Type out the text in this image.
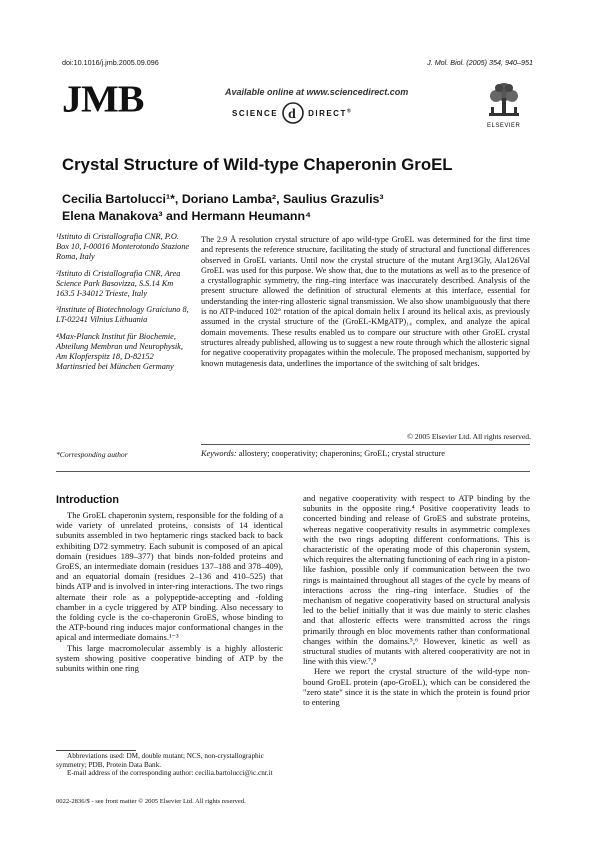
doi:10.1016/j.jmb.2005.09.096	J. Mol. Biol. (2005) 354, 940–951
JMB	Available online at www.sciencedirect.com
SCIENCE d DIRECT®
ELSEVIER
Crystal Structure of Wild-type Chaperonin GroEL
Cecilia Bartolucci¹*, Doriano Lamba², Saulius Grazulis³
Elena Manakova³ and Hermann Heumann⁴

¹Istituto di Cristallografia CNR, P.O. Box 10, I-00016 Monterotondo Stazione Roma, Italy

²Istituto di Cristallografia CNR, Area Science Park Basovizza, S.S.14 Km 163.5 I-34012 Trieste, Italy

³Institute of Biotechnology Graiciuno 8, LT-02241 Vilnius Lithuania

⁴Max-Planck Institut für Biochemie, Abteilung Membran und Neurophysik, Am Klopferspitz 18, D-82152 Martinsried bei München Germany

The 2.9 Å resolution crystal structure of apo wild-type GroEL was determined for the first time and represents the reference structure, facilitating the study of structural and functional differences observed in GroEL variants. Until now the crystal structure of the mutant Arg13Gly, Ala126Val GroEL was used for this purpose. We show that, due to the mutations as well as to the presence of a crystallographic symmetry, the ring–ring interface was inaccurately described. Analysis of the present structure allowed the definition of structural elements at this interface, essential for understanding the inter-ring allosteric signal transmission. We also show unambiguously that there is no ATP-induced 102° rotation of the apical domain helix I around its helical axis, as previously assumed in the crystal structure of the (GroEL-KMgATP)₁₄ complex, and analyze the apical domain movements. These results enabled us to compare our structure with other GroEL crystal structures already published, allowing us to suggest a new route through which the allosteric signal for negative cooperativity propagates within the molecule. The proposed mechanism, supported by known mutagenesis data, underlines the importance of the switching of salt bridges.

© 2005 Elsevier Ltd. All rights reserved.
*Corresponding author	Keywords: allostery; cooperativity; chaperonins; GroEL; crystal structure
Introduction

The GroEL chaperonin system, responsible for the folding of a wide variety of unrelated proteins, consists of 14 identical subunits assembled in two heptameric rings stacked back to back exhibiting D72 symmetry. Each subunit is composed of an apical domain (residues 189–377) that binds non-folded proteins and GroES, an intermediate domain (residues 137–188 and 378–409), and an equatorial domain (residues 2–136 and 410–525) that binds ATP and is involved in inter-ring interactions. The two rings alternate their role as a polypeptide-accepting and -folding chamber in a cycle triggered by ATP binding. Also necessary to the folding cycle is the co-chaperonin GroES, whose binding to the ATP-bound ring induces major conformational changes in the apical and intermediate domains.¹⁻³

This large macromolecular assembly is a highly allosteric system showing positive cooperative binding of ATP by the subunits within one ring

and negative cooperativity with respect to ATP binding by the subunits in the opposite ring.⁴ Positive cooperativity leads to concerted binding and release of GroES and substrate proteins, whereas negative cooperativity results in asymmetric complexes with the two rings adopting different conformations. This is characteristic of the operating mode of this chaperonin system, which requires the alternating functioning of each ring in a piston-like fashion, possible only if communication between the two rings is maintained throughout all stages of the cycle by means of interactions across the ring–ring interface. Studies of the mechanism of negative cooperativity based on structural analysis led to the belief initially that it was due mainly to steric clashes and that allosteric effects were transmitted across the rings primarily through en bloc movements rather than conformational changes within the domains.⁵,⁶ However, kinetic as well as structural studies of mutants with altered cooperativity are not in line with this view.⁷,⁸

Here we report the crystal structure of the wild-type non-bound GroEL protein (apo-GroEL), which can be considered the "zero state" since it is the state in which the protein is found prior to entering

Abbreviations used: DM, double mutant; NCS, non-crystallographic symmetry; PDB, Protein Data Bank.

E-mail address of the corresponding author: cecilia.bartolucci@ic.cnr.it

0022-2836/$ - see front matter © 2005 Elsevier Ltd. All rights reserved.
